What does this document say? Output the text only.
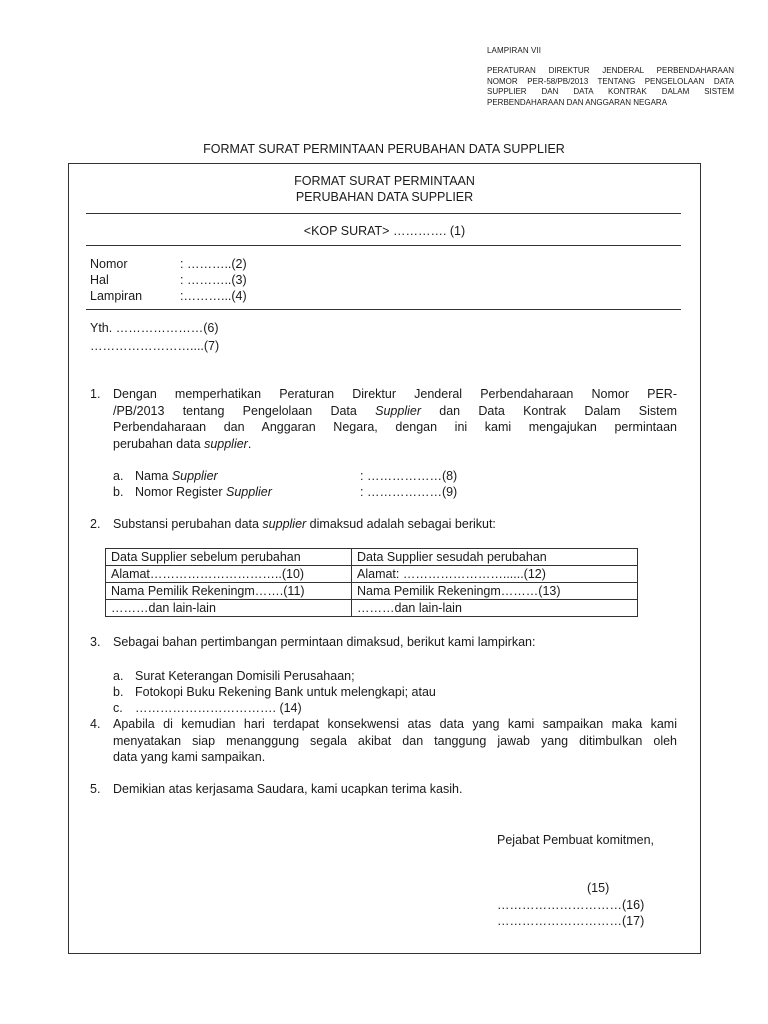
LAMPIRAN VII
PERATURAN DIREKTUR JENDERAL PERBENDAHARAAN
NOMOR PER-58/PB/2013 TENTANG PENGELOLAAN DATA
SUPPLIER DAN DATA KONTRAK DALAM SISTEM
PERBENDAHARAAN DAN ANGGARAN NEGARA
FORMAT SURAT PERMINTAAN PERUBAHAN DATA SUPPLIER
FORMAT SURAT PERMINTAAN
PERUBAHAN DATA SUPPLIER
<KOP SURAT> …………. (1)
Nomor	: ………..(2)
Hal	: ………..(3)
Lampiran	:………...(4)
Yth. …………………(6)
……………………....(7)
1. Dengan memperhatikan Peraturan Direktur Jenderal Perbendaharaan Nomor PER-
/PB/2013 tentang Pengelolaan Data Supplier dan Data Kontrak Dalam Sistem
Perbendaharaan dan Anggaran Negara, dengan ini kami mengajukan permintaan
perubahan data supplier.
a. Nama Supplier	: ………………(8)
b. Nomor Register Supplier	: ………………(9)
2. Substansi perubahan data supplier dimaksud adalah sebagai berikut:
Data Supplier sebelum perubahan	Data Supplier sesudah perubahan
Alamat…………………………..(10)	Alamat: ……………………......(12)
Nama Pemilik Rekeningm…….(11)	Nama Pemilik Rekeningm………(13)
………dan lain-lain	………dan lain-lain
3. Sebagai bahan pertimbangan permintaan dimaksud, berikut kami lampirkan:
a. Surat Keterangan Domisili Perusahaan;
b. Fotokopi Buku Rekening Bank untuk melengkapi; atau
c. ……………………………. (14)
4. Apabila di kemudian hari terdapat konsekwensi atas data yang kami sampaikan maka kami
menyatakan siap menanggung segala akibat dan tanggung jawab yang ditimbulkan oleh
data yang kami sampaikan.
5. Demikian atas kerjasama Saudara, kami ucapkan terima kasih.
Pejabat Pembuat komitmen,
(15)
…………………………(16)
…………………………(17)
